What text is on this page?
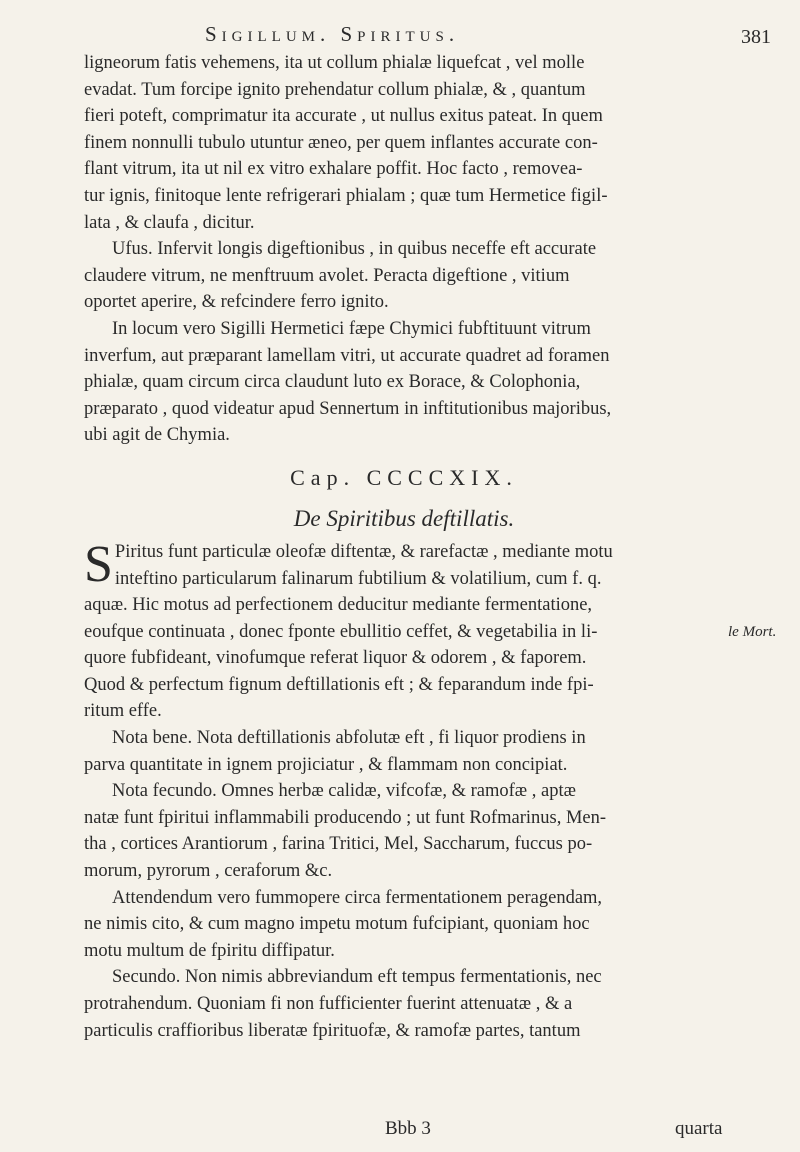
Sigillum. Spiritus.	381
ligneorum fatis vehemens, ita ut collum phialæ liquefcat , vel molle
evadat. Tum forcipe ignito prehendatur collum phialæ, & , quantum
fieri poteft, comprimatur ita accurate , ut nullus exitus pateat. In quem
finem nonnulli tubulo utuntur æneo, per quem inflantes accurate con-
flant vitrum, ita ut nil ex vitro exhalare poffit. Hoc facto , removea-
tur ignis, finitoque lente refrigerari phialam ; quæ tum Hermetice figil-
lata , & claufa , dicitur.
Ufus. Infervit longis digeftionibus , in quibus neceffe eft accurate
claudere vitrum, ne menftruum avolet. Peracta digeftione , vitium
oportet aperire, & refcindere ferro ignito.
In locum vero Sigilli Hermetici fæpe Chymici fubftituunt vitrum
inverfum, aut præparant lamellam vitri, ut accurate quadret ad foramen
phialæ, quam circum circa claudunt luto ex Borace, & Colophonia,
præparato , quod videatur apud Sennertum in inftitutionibus majoribus,
ubi agit de Chymia.
Cap. CCCCXIX.
De Spiritibus deftillatis.
S Piritus funt particulæ oleofæ diftentæ, & rarefactæ , mediante motu
inteftino particularum falinarum fubtilium & volatilium, cum f. q.
aquæ. Hic motus ad perfectionem deducitur mediante fermentatione,
eoufque continuata , donec fponte ebullitio ceffet, & vegetabilia in li-
quore fubfideant, vinofumque referat liquor & odorem , & faporem.
Quod & perfectum fignum deftillationis eft ; & feparandum inde fpi-
ritum effe.
Nota bene. Nota deftillationis abfolutæ eft , fi liquor prodiens in
parva quantitate in ignem projiciatur , & flammam non concipiat.
Nota fecundo. Omnes herbæ calidæ, vifcofæ, & ramofæ , aptæ
natæ funt fpiritui inflammabili producendo ; ut funt Rofmarinus, Men-
tha , cortices Arantiorum , farina Tritici, Mel, Saccharum, fuccus po-
morum, pyrorum , ceraforum &c.
Attendendum vero fummopere circa fermentationem peragendam,
ne nimis cito, & cum magno impetu motum fufcipiant, quoniam hoc
motu multum de fpiritu diffipatur.
Secundo. Non nimis abbreviandum eft tempus fermentationis, nec
protrahendum. Quoniam fi non fufficienter fuerint attenuatæ , & a
particulis craffioribus liberatæ fpirituofæ, & ramofæ partes, tantum
le Mort.
Bbb 3	quarta
